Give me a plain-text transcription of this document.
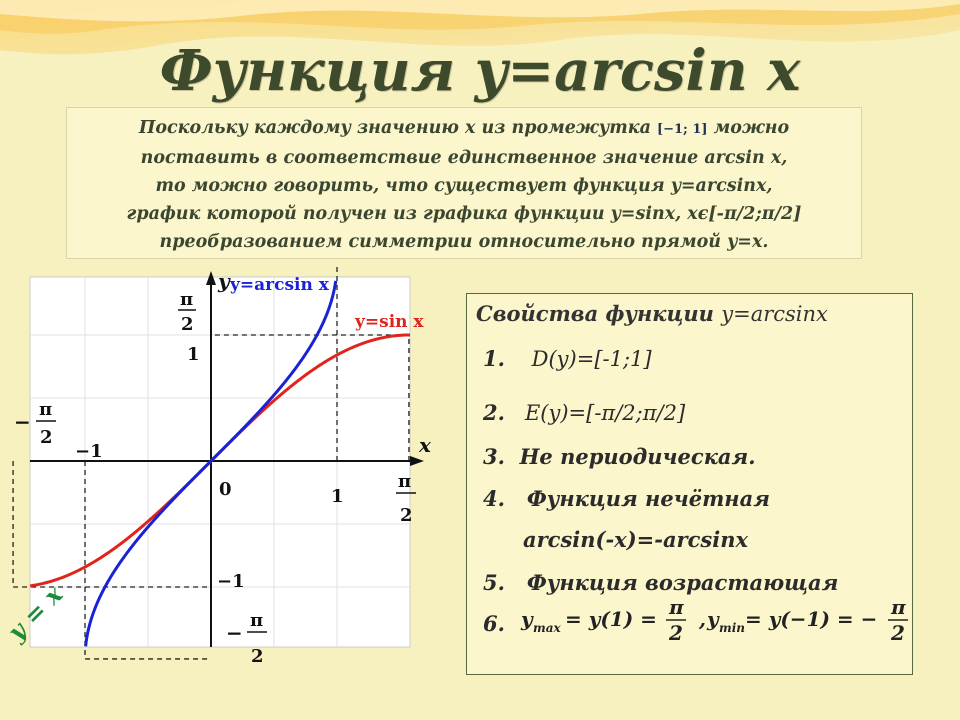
Функция y=arcsin x
Поскольку каждому значению x из промежутка [−1; 1] можно
поставить в соответствие единственное значение arcsin x,
то можно говорить, что существует функция y=arcsinx,
график которой получен из графика функции y=sinx, xϵ[-π/2;π/2]
преобразованием симметрии относительно прямой y=x.
x
y
0	1
−1
1
−1
π
2
−
π
2
π
2
−
π
2
y=arcsin x
y=sin x
y = x
Свойства функции y=arcsinx
1. D(y)=[-1;1]
2. E(y)=[-π/2;π/2]
3. Не периодическая.
4. Функция нечётная
arcsin(-x)=-arcsinx
5. Функция возрастающая
6. y max = y(1) = π
2
, y min = y(−1) = − π
2
